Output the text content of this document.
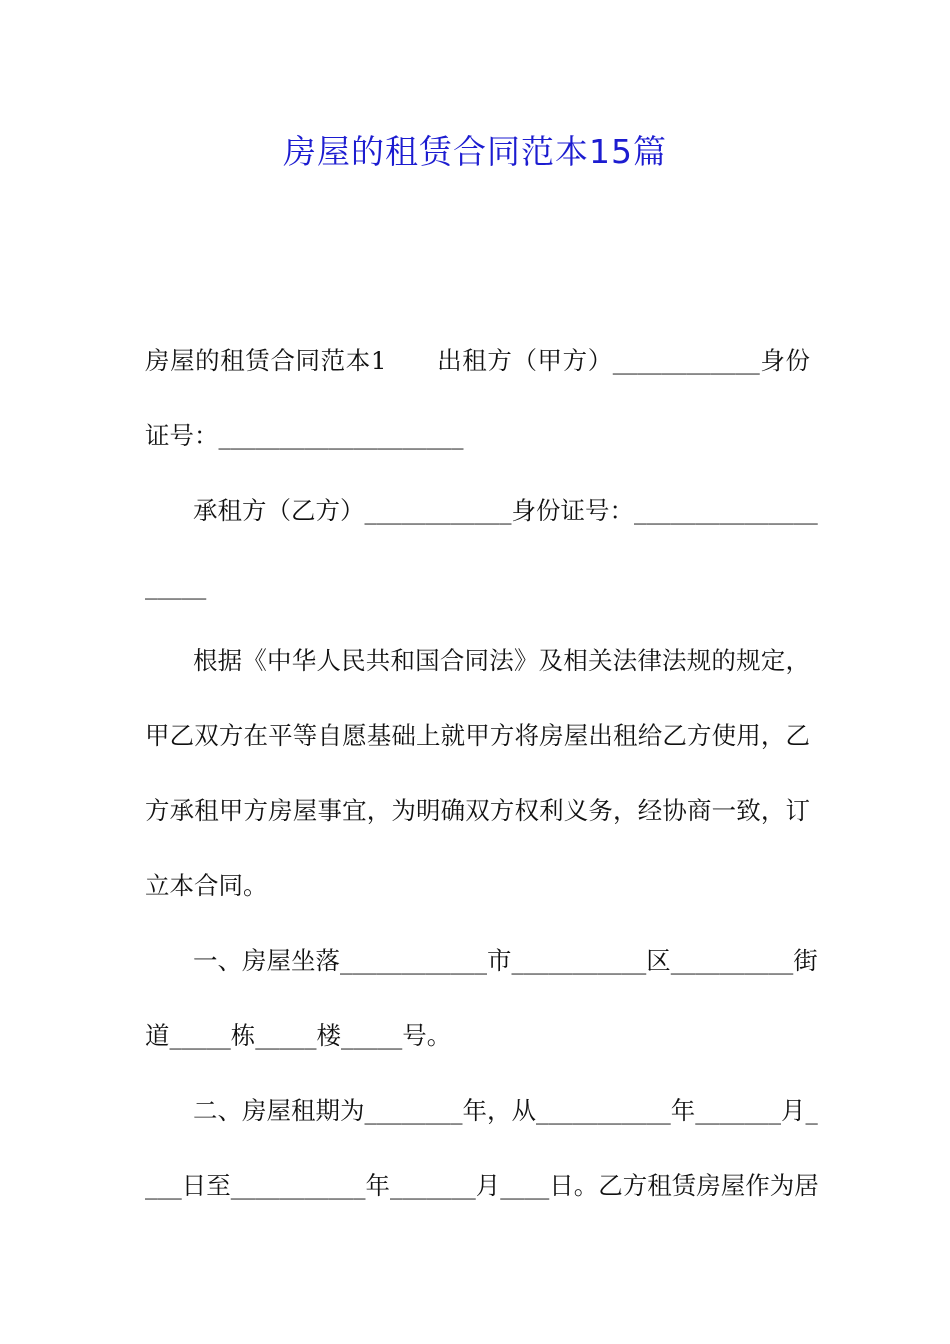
房屋的租赁合同范本15篇
房屋的租赁合同范本1　　出租方（甲方）____________身份
证号：____________________
承租方（乙方）____________身份证号：_______________
_____
根据《中华人民共和国合同法》及相关法律法规的规定，
甲乙双方在平等自愿基础上就甲方将房屋出租给乙方使用，乙
方承租甲方房屋事宜，为明确双方权利义务，经协商一致，订
立本合同。
一、房屋坐落____________市___________区__________街
道_____栋_____楼_____号。
二、房屋租期为________年，从___________年_______月_
___日至___________年_______月____日。乙方租赁房屋作为居
